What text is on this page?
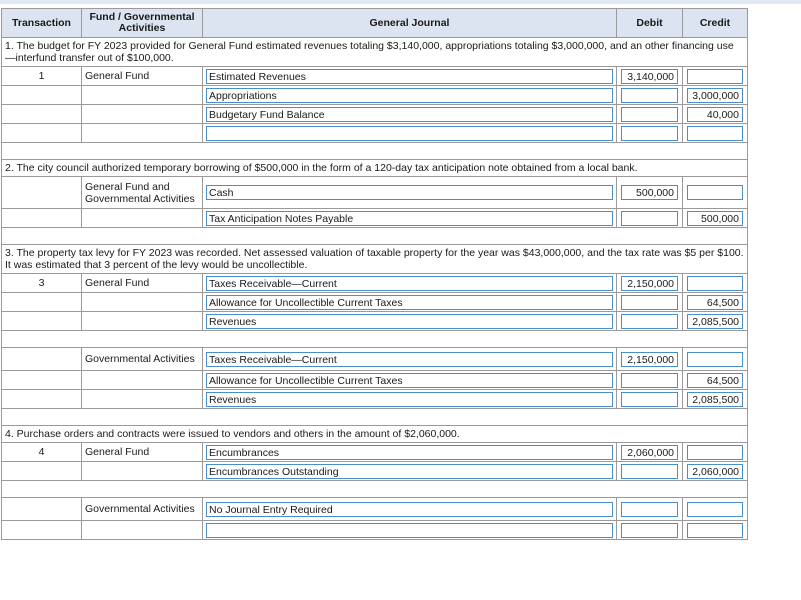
Transaction	Fund / Governmental Activities	General Journal	Debit	Credit
1. The budget for FY 2023 provided for General Fund estimated revenues totaling $3,140,000, appropriations totaling $3,000,000, and an other financing use—interfund transfer out of $100,000.				
1	General Fund	Estimated Revenues	3,140,000	

		Appropriations		3,000,000

		Budgetary Fund Balance		40,000

2. The city council authorized temporary borrowing of $500,000 in the form of a 120-day tax anticipation note obtained from a local bank.				
	General Fund and Governmental Activities	Cash	500,000	

		Tax Anticipation Notes Payable		500,000

3. The property tax levy for FY 2023 was recorded. Net assessed valuation of taxable property for the year was $43,000,000, and the tax rate was $5 per $100. It was estimated that 3 percent of the levy would be uncollectible.				
3	General Fund	Taxes Receivable—Current	2,150,000	

		Allowance for Uncollectible Current Taxes		64,500

		Revenues		2,085,500

	Governmental Activities	Taxes Receivable—Current	2,150,000	

		Allowance for Uncollectible Current Taxes		64,500

		Revenues		2,085,500

4. Purchase orders and contracts were issued to vendors and others in the amount of $2,060,000.				
4	General Fund	Encumbrances	2,060,000	

		Encumbrances Outstanding		2,060,000

	Governmental Activities	No Journal Entry Required		
